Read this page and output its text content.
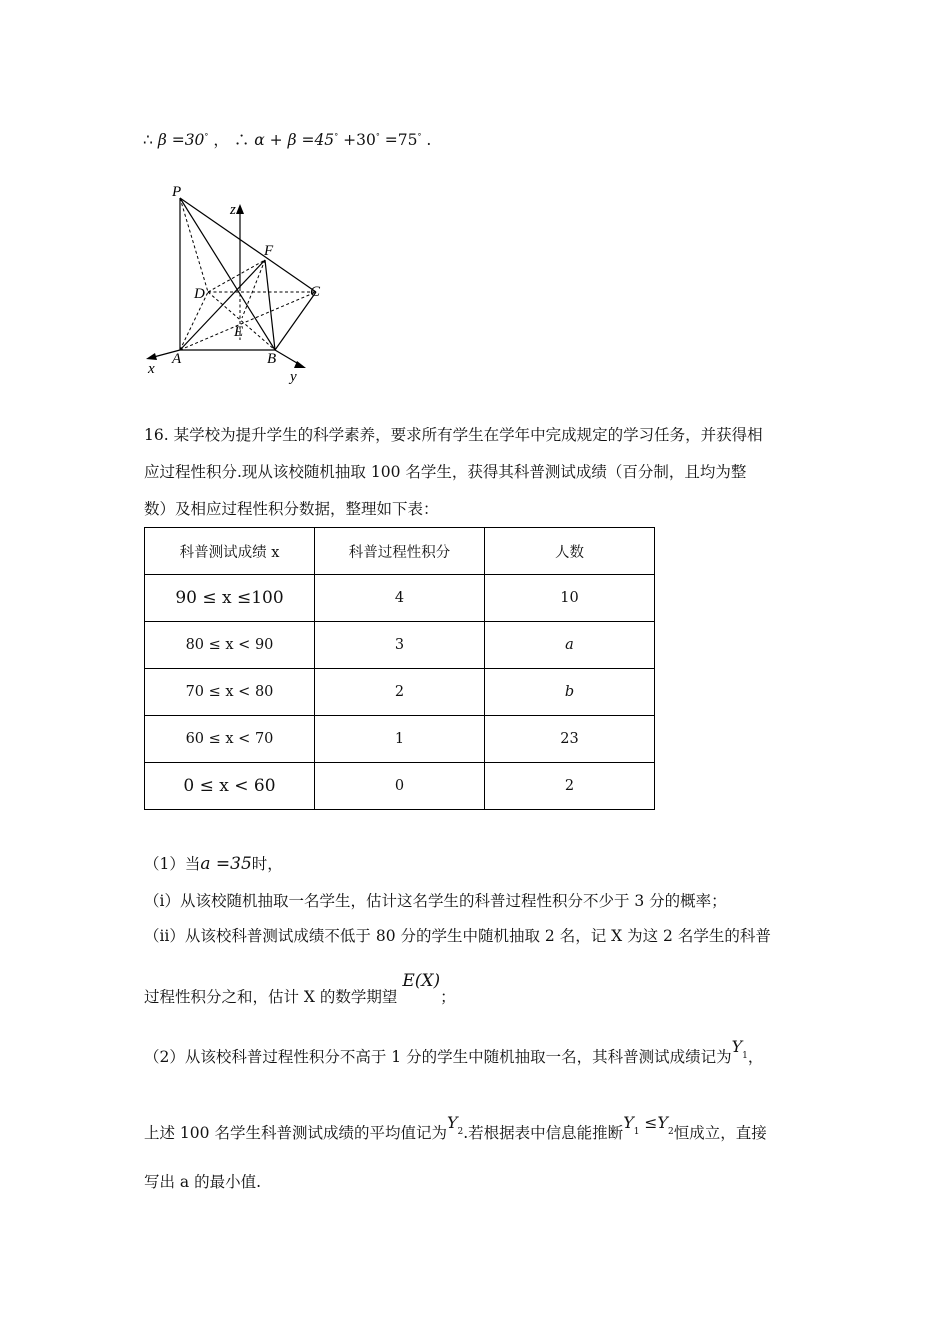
∴ β =30° ， ∴ α + β =45° +30° =75° .
P
z
F
D	C
E
A	B
x	y
16. 某学校为提升学生的科学素养，要求所有学生在学年中完成规定的学习任务，并获得相
应过程性积分.现从该校随机抽取 100 名学生，获得其科普测试成绩（百分制，且均为整
数）及相应过程性积分数据，整理如下表：
科普测试成绩 x	科普过程性积分	人数
90 ≤ x ≤100	4	10
80 ≤ x < 90	3	a
70 ≤ x < 80	2	b
60 ≤ x < 70	1	23
0 ≤ x < 60	0	2
（1）当a =35时，
（i）从该校随机抽取一名学生，估计这名学生的科普过程性积分不少于 3 分的概率；
（ⅱ）从该校科普测试成绩不低于 80 分的学生中随机抽取 2 名，记 X 为这 2 名学生的科普
过程性积分之和，估计 X 的数学期望 E(X)；
（2）从该校科普过程性积分不高于 1 分的学生中随机抽取一名，其科普测试成绩记为$Y^1$，
上述 100 名学生科普测试成绩的平均值记为$Y^2$.若根据表中信息能推断$Y^1 \le Y^2$恒成立，直接
写出 a 的最小值.
